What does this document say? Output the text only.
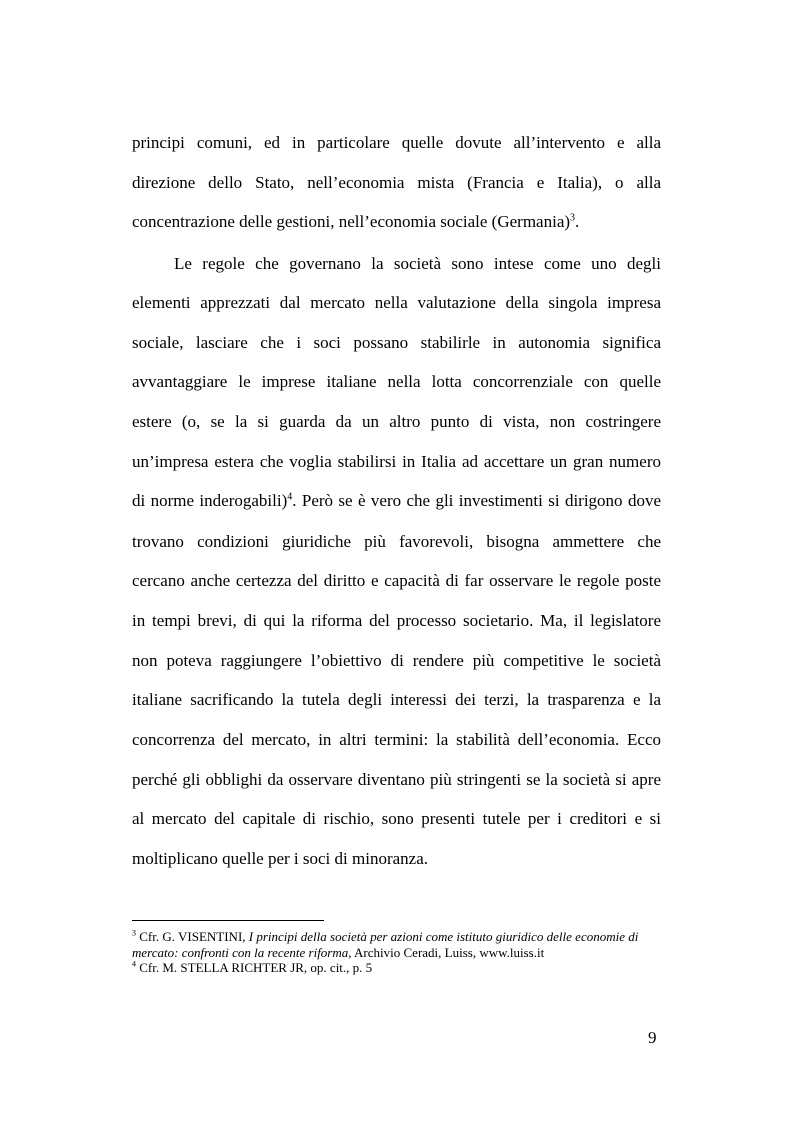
principi comuni, ed in particolare quelle dovute all’intervento e alla
direzione dello Stato, nell’economia mista (Francia e Italia), o alla
concentrazione delle gestioni, nell’economia sociale (Germania)$^3$.
Le regole che governano la società sono intese come uno degli
elementi apprezzati dal mercato nella valutazione della singola impresa
sociale, lasciare che i soci possano stabilirle in autonomia significa
avvantaggiare le imprese italiane nella lotta concorrenziale con quelle
estere (o, se la si guarda da un altro punto di vista, non costringere
un’impresa estera che voglia stabilirsi in Italia ad accettare un gran numero
di norme inderogabili)$^4$. Però se è vero che gli investimenti si dirigono dove
trovano condizioni giuridiche più favorevoli, bisogna ammettere che
cercano anche certezza del diritto e capacità di far osservare le regole poste
in tempi brevi, di qui la riforma del processo societario. Ma, il legislatore
non poteva raggiungere l’obiettivo di rendere più competitive le società
italiane sacrificando la tutela degli interessi dei terzi, la trasparenza e la
concorrenza del mercato, in altri termini: la stabilità dell’economia. Ecco
perché gli obblighi da osservare diventano più stringenti se la società si apre
al mercato del capitale di rischio, sono presenti tutele per i creditori e si
moltiplicano quelle per i soci di minoranza.
$^3$ Cfr. G. VISENTINI, I principi della società per azioni come istituto giuridico delle economie di
mercato: confronti con la recente riforma, Archivio Ceradi, Luiss, www.luiss.it
$^4$ Cfr. M. STELLA RICHTER JR, op. cit., p. 5
9
